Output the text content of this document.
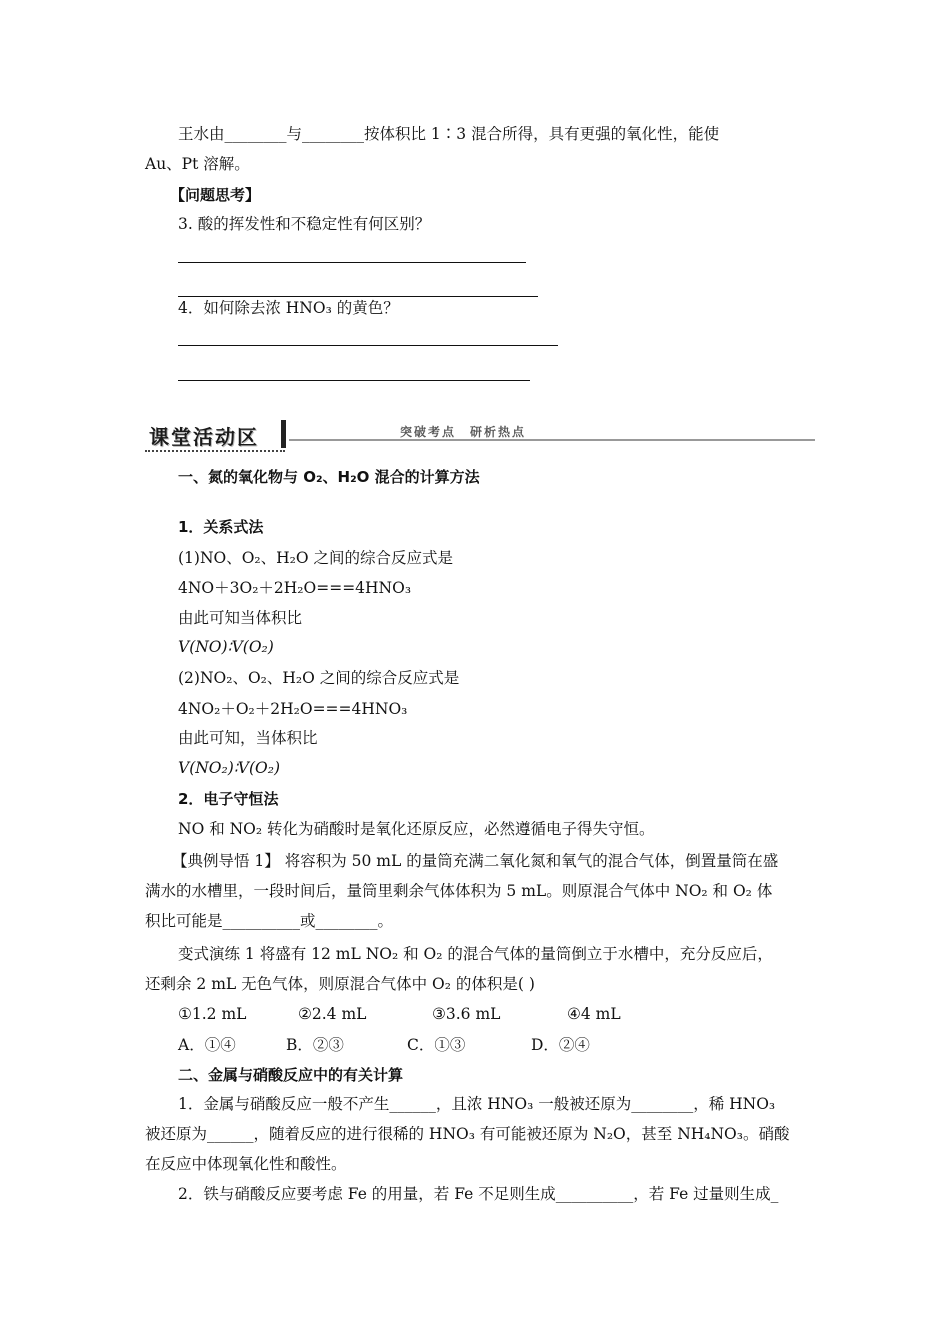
王水由________与________按体积比 1∶3 混合所得，具有更强的氧化性，能使
Au、Pt 溶解。
【问题思考】
3. 酸的挥发性和不稳定性有何区别？
4．如何除去浓 HNO₃ 的黄色？
课堂活动区	突破考点　研析热点
一、氮的氧化物与 O₂、H₂O 混合的计算方法
1．关系式法
(1)NO、O₂、H₂O 之间的综合反应式是
4NO＋3O₂＋2H₂O===4HNO₃
由此可知当体积比
V(NO)∶V(O₂)
(2)NO₂、O₂、H₂O 之间的综合反应式是
4NO₂＋O₂＋2H₂O===4HNO₃
由此可知，当体积比
V(NO₂)∶V(O₂)
2．电子守恒法
NO 和 NO₂ 转化为硝酸时是氧化还原反应，必然遵循电子得失守恒。
【典例导悟 1】 将容积为 50 mL 的量筒充满二氧化氮和氧气的混合气体，倒置量筒在盛
满水的水槽里，一段时间后，量筒里剩余气体体积为 5 mL。则原混合气体中 NO₂ 和 O₂ 体
积比可能是__________或________。
变式演练 1 将盛有 12 mL NO₂ 和 O₂ 的混合气体的量筒倒立于水槽中，充分反应后，
还剩余 2 mL 无色气体，则原混合气体中 O₂ 的体积是( )
①1.2 mL	②2.4 mL	③3.6 mL	④4 mL
A．①④	B．②③	C．①③	D．②④
二、金属与硝酸反应中的有关计算
1．金属与硝酸反应一般不产生______，且浓 HNO₃ 一般被还原为________，稀 HNO₃
被还原为______，随着反应的进行很稀的 HNO₃ 有可能被还原为 N₂O，甚至 NH₄NO₃。硝酸
在反应中体现氧化性和酸性。
2．铁与硝酸反应要考虑 Fe 的用量，若 Fe 不足则生成__________，若 Fe 过量则生成_
